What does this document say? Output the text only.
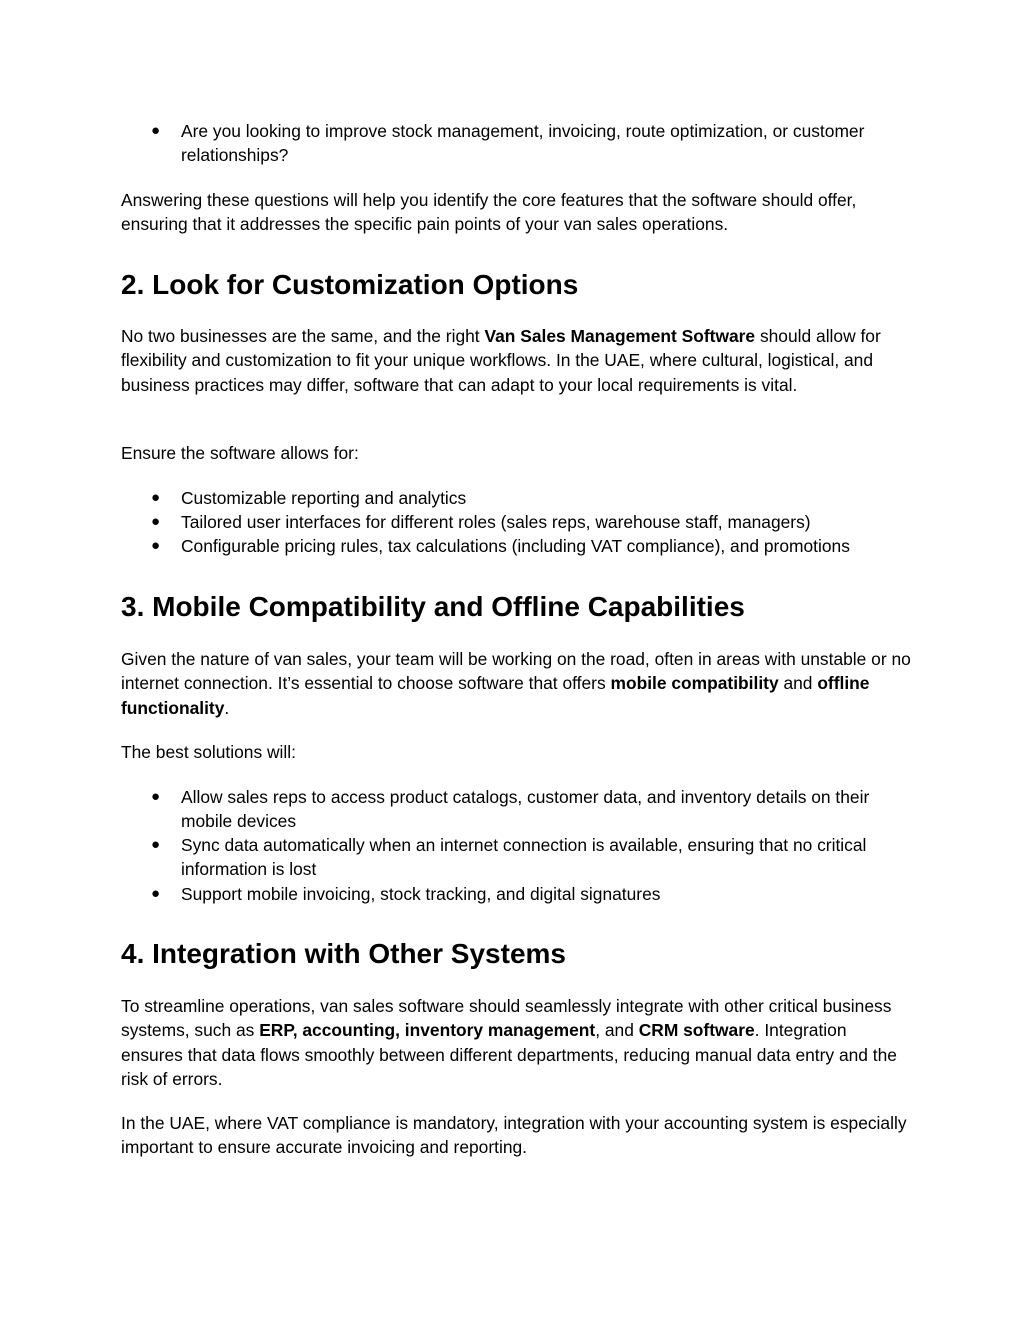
● Are you looking to improve stock management, invoicing, route optimization, or customer relationships?

Answering these questions will help you identify the core features that the software should offer, ensuring that it addresses the specific pain points of your van sales operations.

2. Look for Customization Options

No two businesses are the same, and the right Van Sales Management Software should allow for flexibility and customization to fit your unique workflows. In the UAE, where cultural, logistical, and business practices may differ, software that can adapt to your local requirements is vital.

Ensure the software allows for:

● Customizable reporting and analytics
● Tailored user interfaces for different roles (sales reps, warehouse staff, managers)
● Configurable pricing rules, tax calculations (including VAT compliance), and promotions
3. Mobile Compatibility and Offline Capabilities

Given the nature of van sales, your team will be working on the road, often in areas with unstable or no internet connection. It’s essential to choose software that offers mobile compatibility and offline functionality.

The best solutions will:

● Allow sales reps to access product catalogs, customer data, and inventory details on their mobile devices
● Sync data automatically when an internet connection is available, ensuring that no critical information is lost
● Support mobile invoicing, stock tracking, and digital signatures
4. Integration with Other Systems

To streamline operations, van sales software should seamlessly integrate with other critical business systems, such as ERP, accounting, inventory management, and CRM software. Integration ensures that data flows smoothly between different departments, reducing manual data entry and the risk of errors.

In the UAE, where VAT compliance is mandatory, integration with your accounting system is especially important to ensure accurate invoicing and reporting.
